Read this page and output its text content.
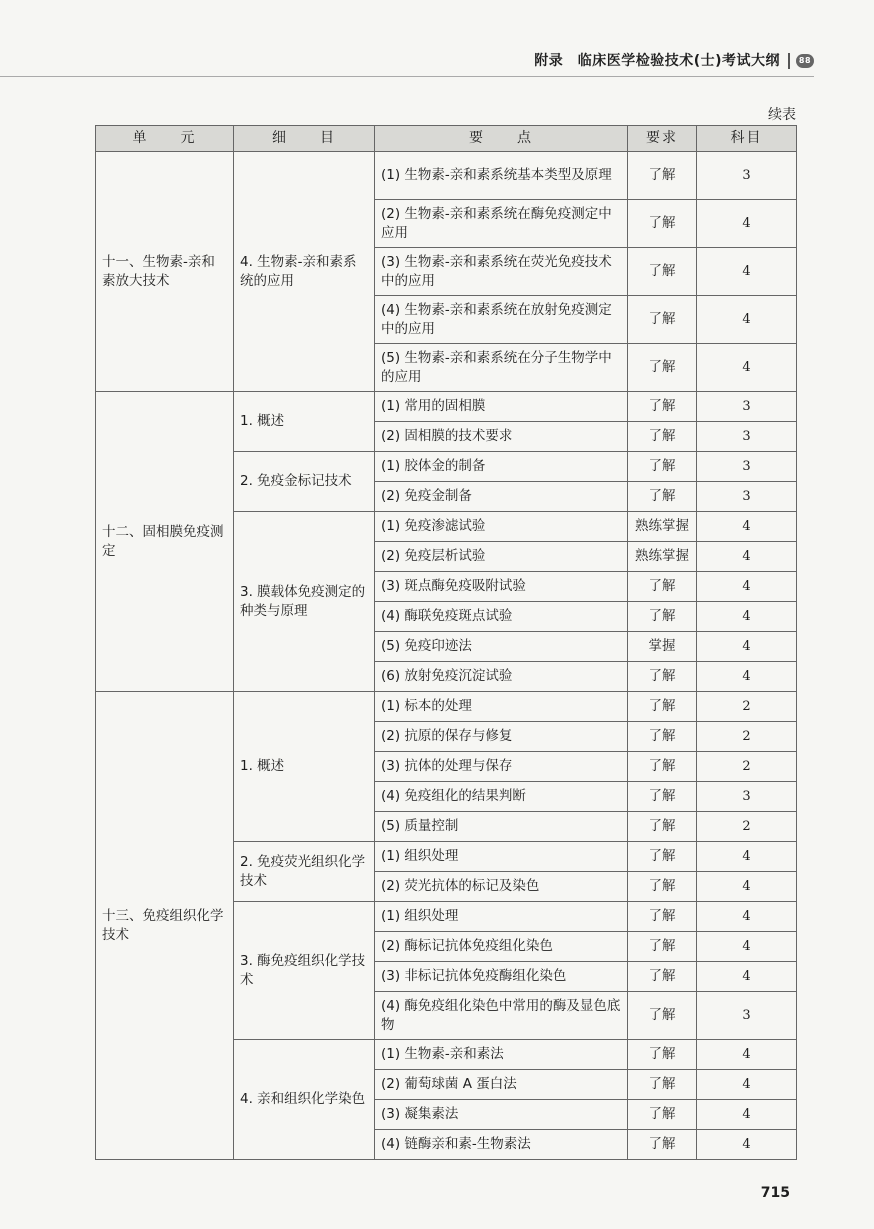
附录　临床医学检验技术(士)考试大纲 88
续表
单　　元	细　　目	要　　点	要求	科目
十一、生物素-亲和素放大技术	4. 生物素-亲和素系统的应用	(1) 生物素-亲和素系统基本类型及原理	了解	3
		(2) 生物素-亲和素系统在酶免疫测定中应用	了解	4
		(3) 生物素-亲和素系统在荧光免疫技术中的应用	了解	4
		(4) 生物素-亲和素系统在放射免疫测定中的应用	了解	4
		(5) 生物素-亲和素系统在分子生物学中的应用	了解	4
十二、固相膜免疫测定	1. 概述	(1) 常用的固相膜	了解	3
		(2) 固相膜的技术要求	了解	3
	2. 免疫金标记技术	(1) 胶体金的制备	了解	3
		(2) 免疫金制备	了解	3
	3. 膜载体免疫测定的种类与原理	(1) 免疫渗滤试验	熟练掌握	4
		(2) 免疫层析试验	熟练掌握	4
		(3) 斑点酶免疫吸附试验	了解	4
		(4) 酶联免疫斑点试验	了解	4
		(5) 免疫印迹法	掌握	4
		(6) 放射免疫沉淀试验	了解	4
十三、免疫组织化学技术	1. 概述	(1) 标本的处理	了解	2
		(2) 抗原的保存与修复	了解	2
		(3) 抗体的处理与保存	了解	2
		(4) 免疫组化的结果判断	了解	3
		(5) 质量控制	了解	2
	2. 免疫荧光组织化学技术	(1) 组织处理	了解	4
		(2) 荧光抗体的标记及染色	了解	4
	3. 酶免疫组织化学技术	(1) 组织处理	了解	4
		(2) 酶标记抗体免疫组化染色	了解	4
		(3) 非标记抗体免疫酶组化染色	了解	4
		(4) 酶免疫组化染色中常用的酶及显色底物	了解	3
	4. 亲和组织化学染色	(1) 生物素-亲和素法	了解	4
		(2) 葡萄球菌 A 蛋白法	了解	4
		(3) 凝集素法	了解	4
		(4) 链酶亲和素-生物素法	了解	4
715
